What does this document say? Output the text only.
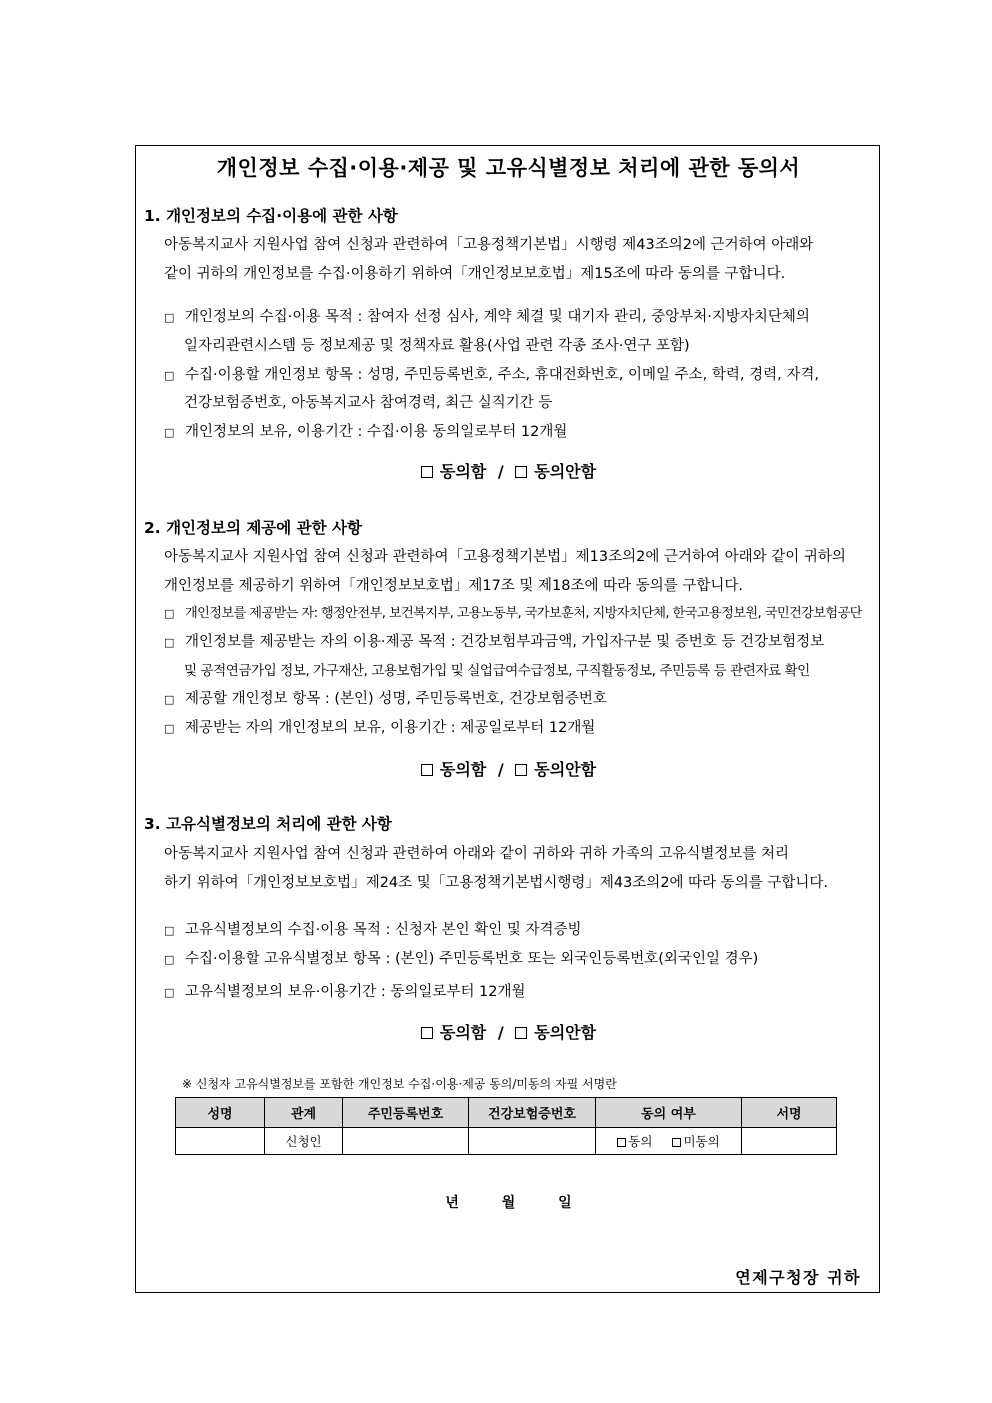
개인정보 수집·이용·제공 및 고유식별정보 처리에 관한 동의서
1. 개인정보의 수집·이용에 관한 사항
아동복지교사 지원사업 참여 신청과 관련하여「고용정책기본법」시행령 제43조의2에 근거하여 아래와
같이 귀하의 개인정보를 수집·이용하기 위하여「개인정보보호법」제15조에 따라 동의를 구합니다.
□ 개인정보의 수집·이용 목적 : 참여자 선정 심사, 계약 체결 및 대기자 관리, 중앙부처·지방자치단체의
일자리관련시스템 등 정보제공 및 정책자료 활용(사업 관련 각종 조사·연구 포함)
□ 수집·이용할 개인정보 항목 : 성명, 주민등록번호, 주소, 휴대전화번호, 이메일 주소, 학력, 경력, 자격,
건강보험증번호, 아동복지교사 참여경력, 최근 실직기간 등
□ 개인정보의 보유, 이용기간 : 수집·이용 동의일로부터 12개월
동의함 / 동의안함
2. 개인정보의 제공에 관한 사항
아동복지교사 지원사업 참여 신청과 관련하여「고용정책기본법」제13조의2에 근거하여 아래와 같이 귀하의
개인정보를 제공하기 위하여「개인정보보호법」제17조 및 제18조에 따라 동의를 구합니다.
□ 개인정보를 제공받는 자: 행정안전부, 보건복지부, 고용노동부, 국가보훈처, 지방자치단체, 한국고용정보원, 국민건강보험공단
□ 개인정보를 제공받는 자의 이용·제공 목적 : 건강보험부과금액, 가입자구분 및 증번호 등 건강보험정보
및 공적연금가입 정보, 가구재산, 고용보험가입 및 실업급여수급정보, 구직활동정보, 주민등록 등 관련자료 확인
□ 제공할 개인정보 항목 : (본인) 성명, 주민등록번호, 건강보험증번호
□ 제공받는 자의 개인정보의 보유, 이용기간 : 제공일로부터 12개월
동의함 / 동의안함
3. 고유식별정보의 처리에 관한 사항
아동복지교사 지원사업 참여 신청과 관련하여 아래와 같이 귀하와 귀하 가족의 고유식별정보를 처리
하기 위하여「개인정보보호법」제24조 및「고용정책기본법시행령」제43조의2에 따라 동의를 구합니다.
□ 고유식별정보의 수집·이용 목적 : 신청자 본인 확인 및 자격증빙
□ 수집·이용할 고유식별정보 항목 : (본인) 주민등록번호 또는 외국인등록번호(외국인일 경우)
□ 고유식별정보의 보유·이용기간 : 동의일로부터 12개월
동의함 / 동의안함
※ 신청자 고유식별정보를 포함한 개인정보 수집·이용·제공 동의/미동의 자필 서명란
성명	관계	주민등록번호	건강보험증번호	동의 여부	서명
	신청인			동의 미동의	
년 월 일
연제구청장 귀하
